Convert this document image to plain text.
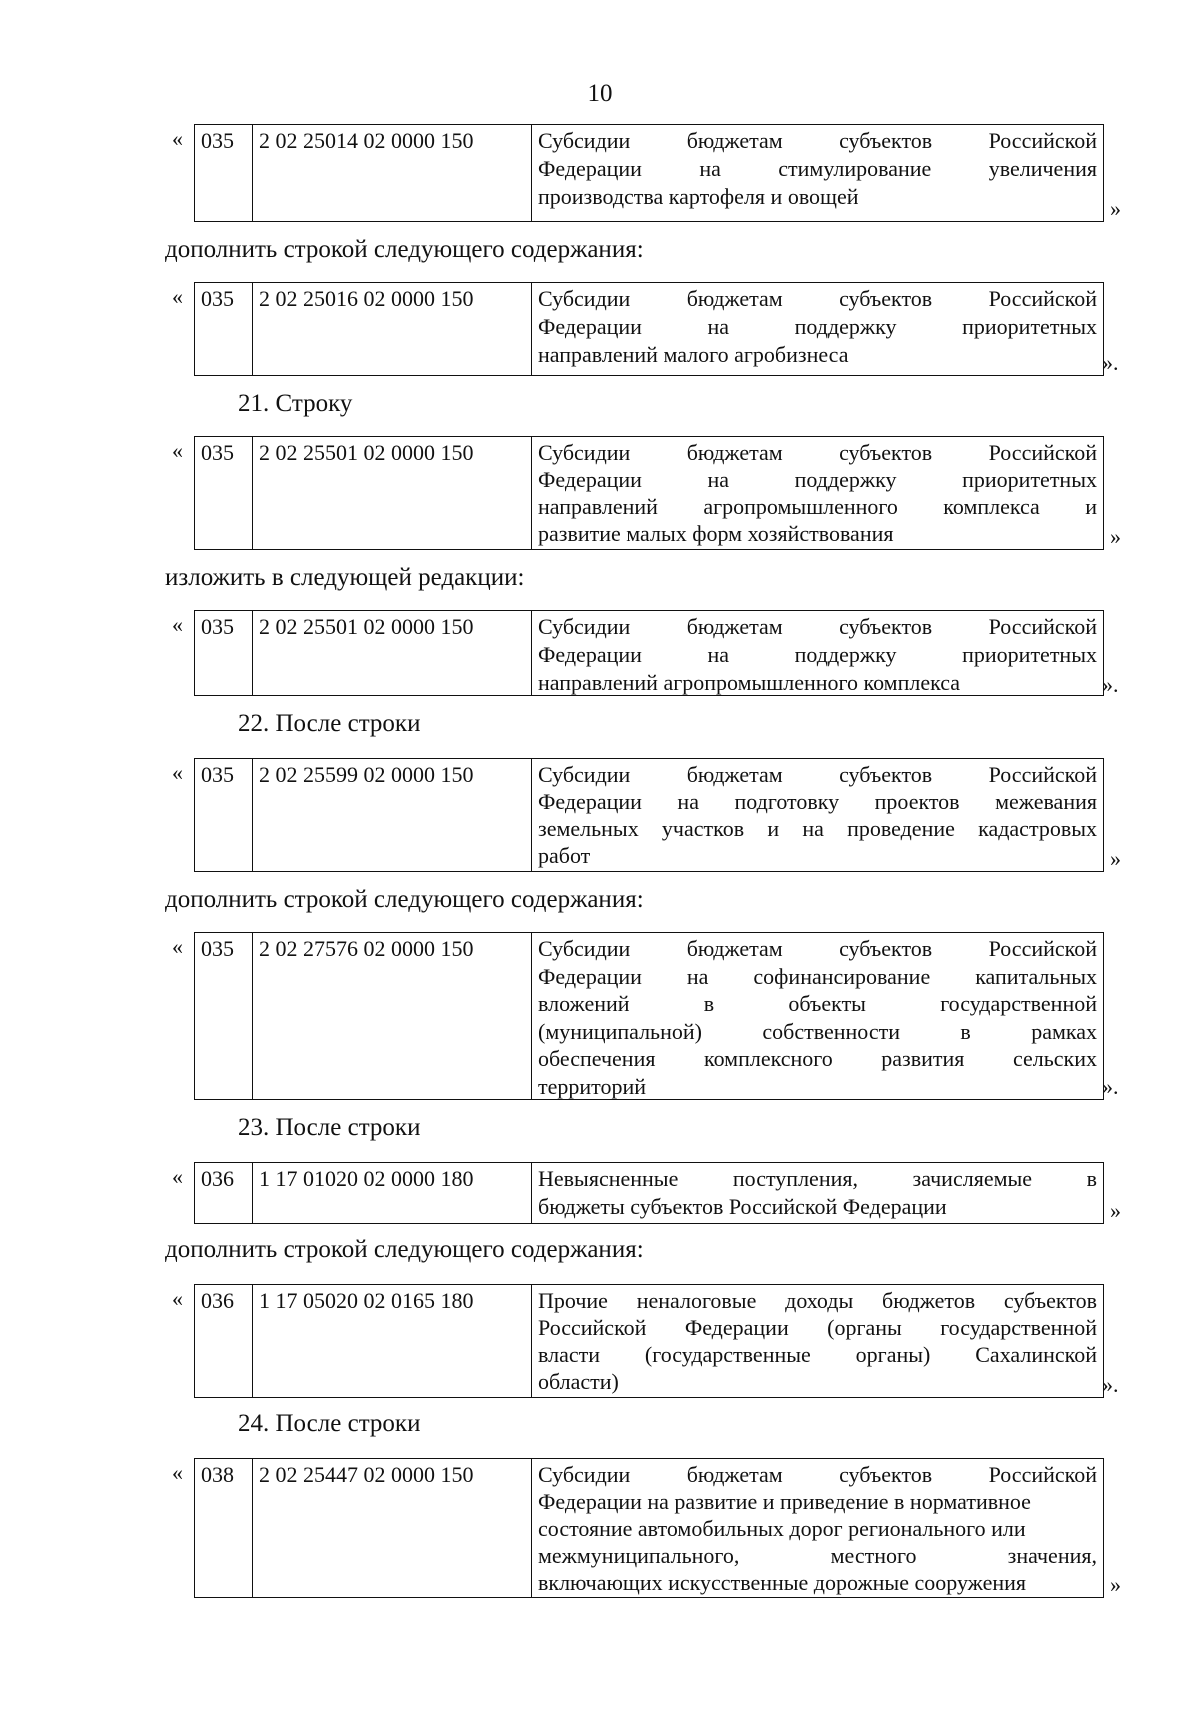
10
« 035	2 02 25014 02 0000 150	Субсидии бюджетам субъектов Российской
Федерации на стимулирование увеличения
производства картофеля и овощей	»
дополнить строкой следующего содержания:
« 035	2 02 25016 02 0000 150	Субсидии бюджетам субъектов Российской
Федерации на поддержку приоритетных
направлений малого агробизнеса	».
21. Строку
« 035	2 02 25501 02 0000 150	Субсидии бюджетам субъектов Российской
Федерации на поддержку приоритетных
направлений агропромышленного комплекса и
развитие малых форм хозяйствования	»
изложить в следующей редакции:
« 035	2 02 25501 02 0000 150	Субсидии бюджетам субъектов Российской
Федерации на поддержку приоритетных
направлений агропромышленного комплекса	».
22. После строки
« 035	2 02 25599 02 0000 150	Субсидии бюджетам субъектов Российской
Федерации на подготовку проектов межевания
земельных участков и на проведение кадастровых
работ	»
дополнить строкой следующего содержания:
« 035	2 02 27576 02 0000 150	Субсидии бюджетам субъектов Российской
Федерации на софинансирование капитальных
вложений в объекты государственной
(муниципальной) собственности в рамках
обеспечения комплексного развития сельских
территорий	».
23. После строки
« 036	1 17 01020 02 0000 180	Невыясненные поступления, зачисляемые в
бюджеты субъектов Российской Федерации	»
дополнить строкой следующего содержания:
« 036	1 17 05020 02 0165 180	Прочие неналоговые доходы бюджетов субъектов
Российской Федерации (органы государственной
власти (государственные органы) Сахалинской
области)	».
24. После строки
« 038	2 02 25447 02 0000 150	Субсидии бюджетам субъектов Российской
Федерации на развитие и приведение в нормативное
состояние автомобильных дорог регионального или
межмуниципального, местного значения,
включающих искусственные дорожные сооружения	»
